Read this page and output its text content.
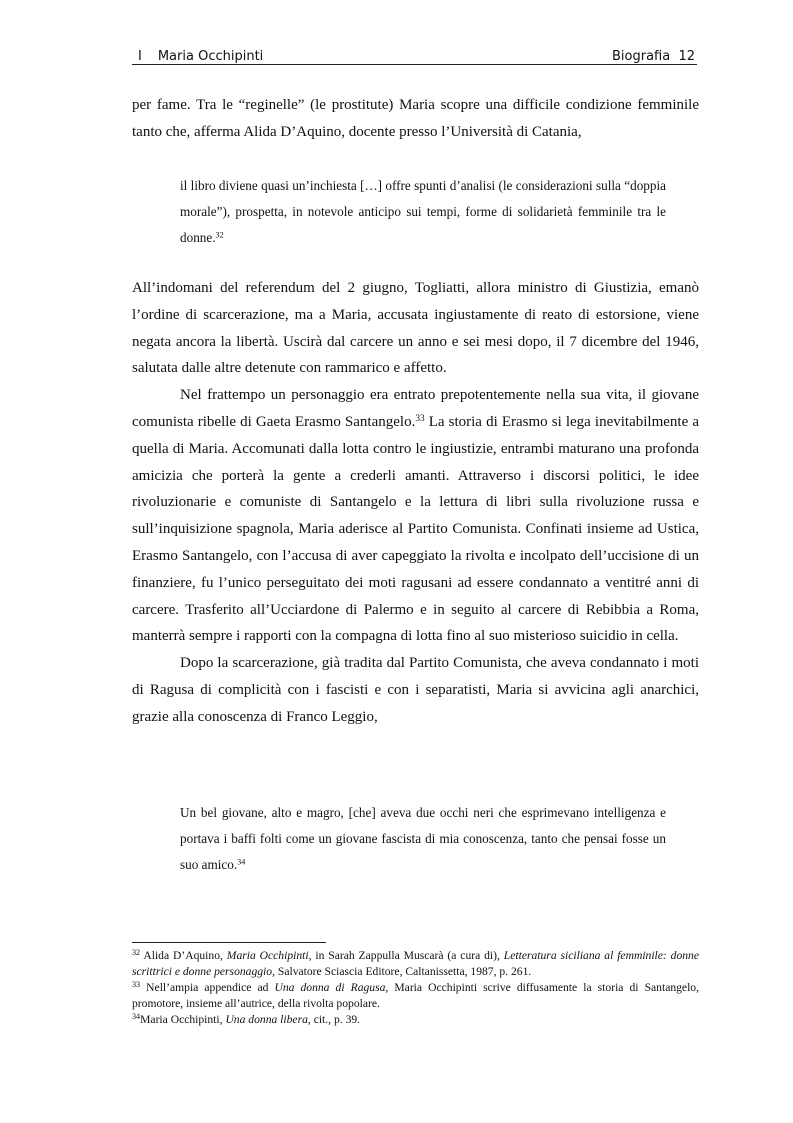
I Maria Occhipinti	Biografia 12

per fame. Tra le “reginelle” (le prostitute) Maria scopre una difficile condizione femminile tanto che, afferma Alida D’Aquino, docente presso l’Università di Catania,

il libro diviene quasi un’inchiesta […] offre spunti d’analisi (le considerazioni sulla “doppia morale”), prospetta, in notevole anticipo sui tempi, forme di solidarietà femminile tra le donne.$^{32}$

All’indomani del referendum del 2 giugno, Togliatti, allora ministro di Giustizia, emanò l’ordine di scarcerazione, ma a Maria, accusata ingiustamente di reato di estorsione, viene negata ancora la libertà. Uscirà dal carcere un anno e sei mesi dopo, il 7 dicembre del 1946, salutata dalle altre detenute con rammarico e affetto.

Nel frattempo un personaggio era entrato prepotentemente nella sua vita, il giovane comunista ribelle di Gaeta Erasmo Santangelo.$^{33}$ La storia di Erasmo si lega inevitabilmente a quella di Maria. Accomunati dalla lotta contro le ingiustizie, entrambi maturano una profonda amicizia che porterà la gente a crederli amanti. Attraverso i discorsi politici, le idee rivoluzionarie e comuniste di Santangelo e la lettura di libri sulla rivoluzione russa e sull’inquisizione spagnola, Maria aderisce al Partito Comunista. Confinati insieme ad Ustica, Erasmo Santangelo, con l’accusa di aver capeggiato la rivolta e incolpato dell’uccisione di un finanziere, fu l’unico perseguitato dei moti ragusani ad essere condannato a ventitré anni di carcere. Trasferito all’Ucciardone di Palermo e in seguito al carcere di Rebibbia a Roma, manterrà sempre i rapporti con la compagna di lotta fino al suo misterioso suicidio in cella.

Dopo la scarcerazione, già tradita dal Partito Comunista, che aveva condannato i moti di Ragusa di complicità con i fascisti e con i separatisti, Maria si avvicina agli anarchici, grazie alla conoscenza di Franco Leggio,

Un bel giovane, alto e magro, [che] aveva due occhi neri che esprimevano intelligenza e portava i baffi folti come un giovane fascista di mia conoscenza, tanto che pensai fosse un suo amico.$^{34}$

$^{32}$ Alida D’Aquino, Maria Occhipinti, in Sarah Zappulla Muscarà (a cura di), Letteratura siciliana al femminile: donne scrittrici e donne personaggio, Salvatore Sciascia Editore, Caltanissetta, 1987, p. 261.

$^{33}$ Nell’ampia appendice ad Una donna di Ragusa, Maria Occhipinti scrive diffusamente la storia di Santangelo, promotore, insieme all’autrice, della rivolta popolare.

$^{34}$Maria Occhipinti, Una donna libera, cit., p. 39.
